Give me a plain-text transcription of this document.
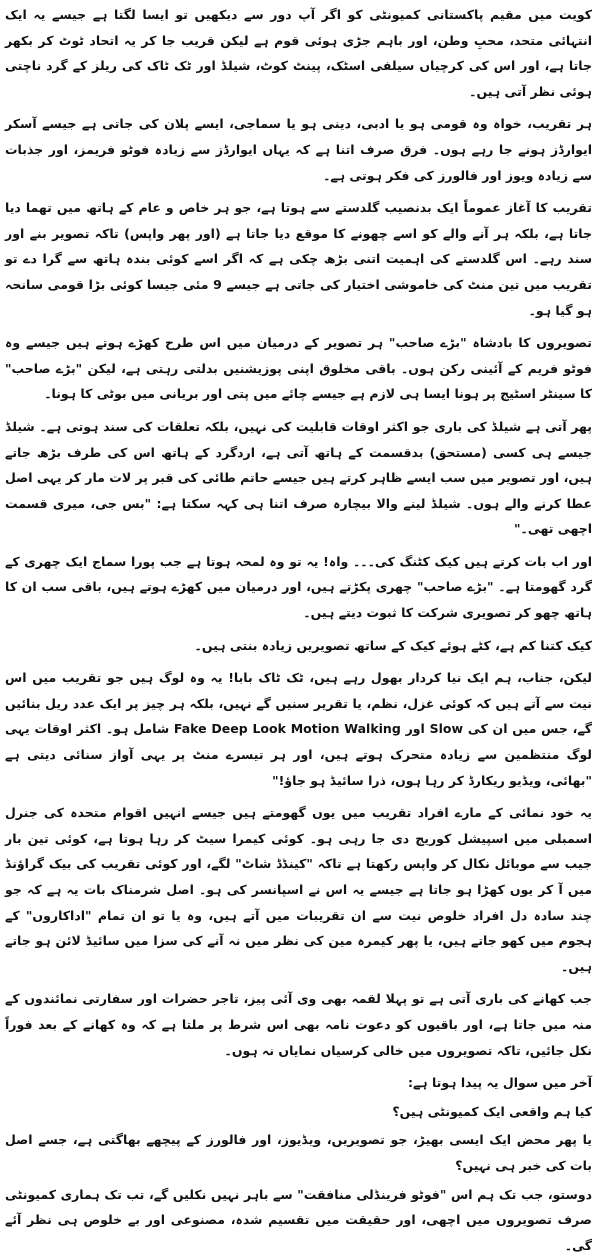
کویت میں مقیم پاکستانی کمیونٹی کو اگر آپ دور سے دیکھیں تو ایسا لگتا ہے جیسے یہ ایک انتہائی متحد، محبِ وطن، اور باہم جڑی ہوئی قوم ہے لیکن قریب جا کر یہ اتحاد ٹوٹ کر بکھر جاتا ہے، اور اس کی کرچیاں سیلفی اسٹک، پینٹ کوٹ، شیلڈ اور ٹک ٹاک کی ریلز کے گرد ناچتی ہوئی نظر آتی ہیں۔

ہر تقریب، خواہ وہ قومی ہو یا ادبی، دینی ہو یا سماجی، ایسے پلان کی جاتی ہے جیسے آسکر ایوارڈز ہونے جا رہے ہوں۔ فرق صرف اتنا ہے کہ یہاں ایوارڈز سے زیادہ فوٹو فریمز، اور جذبات سے زیادہ ویوز اور فالورز کی فکر ہوتی ہے۔

تقریب کا آغاز عموماً ایک بدنصیب گلدستے سے ہوتا ہے، جو ہر خاص و عام کے ہاتھ میں تھما دیا جاتا ہے، بلکہ ہر آنے والے کو اسے چھونے کا موقع دیا جاتا ہے (اور پھر واپس) تاکہ تصویر بنے اور سند رہے۔ اس گلدستے کی اہمیت اتنی بڑھ چکی ہے کہ اگر اسے کوئی بندہ ہاتھ سے گرا دے تو تقریب میں تین منٹ کی خاموشی اختیار کی جاتی ہے جیسے 9 مئی جیسا کوئی بڑا قومی سانحہ ہو گیا ہو۔

تصویروں کا بادشاہ "بڑے صاحب" ہر تصویر کے درمیان میں اس طرح کھڑے ہوتے ہیں جیسے وہ فوٹو فریم کے آئینی رکن ہوں۔ باقی مخلوق اپنی پوزیشنیں بدلتی رہتی ہے، لیکن "بڑے صاحب" کا سینٹر اسٹیج پر ہونا ایسا ہی لازم ہے جیسے چائے میں پتی اور بریانی میں بوٹی کا ہونا۔

پھر آتی ہے شیلڈ کی باری جو اکثر اوقات قابلیت کی نہیں، بلکہ تعلقات کی سند ہوتی ہے۔ شیلڈ جیسے ہی کسی (مستحق) بدقسمت کے ہاتھ آتی ہے، اردگرد کے ہاتھ اس کی طرف بڑھ جاتے ہیں، اور تصویر میں سب ایسے ظاہر کرتے ہیں جیسے حاتم طائی کی قبر پر لات مار کر یہی اصل عطا کرنے والے ہوں۔ شیلڈ لینے والا بیچارہ صرف اتنا ہی کہہ سکتا ہے: "بس جی، میری قسمت اچھی تھی۔"

اور اب بات کرتے ہیں کیک کٹنگ کی۔۔۔ واہ! یہ تو وہ لمحہ ہوتا ہے جب پورا سماج ایک چھری کے گرد گھومتا ہے۔ "بڑے صاحب" چھری پکڑتے ہیں، اور درمیان میں کھڑے ہوتے ہیں، باقی سب ان کا ہاتھ چھو کر تصویری شرکت کا ثبوت دیتے ہیں۔

کیک کتنا کم ہے، کٹے ہوئے کیک کے ساتھ تصویریں زیادہ بنتی ہیں۔

لیکن، جناب، ہم ایک نیا کردار بھول رہے ہیں، ٹک ٹاک بابا! یہ وہ لوگ ہیں جو تقریب میں اس نیت سے آتے ہیں کہ کوئی غزل، نظم، یا تقریر سنیں گے نہیں، بلکہ ہر چیز پر ایک عدد ریل بنائیں گے، جس میں ان کی Slow اور Fake Deep Look Motion Walking شامل ہو۔ اکثر اوقات یہی لوگ منتظمین سے زیادہ متحرک ہوتے ہیں، اور ہر تیسرے منٹ پر یہی آواز سنائی دیتی ہے "بھائی، ویڈیو ریکارڈ کر رہا ہوں، ذرا سائیڈ ہو جاؤ!"

یہ خود نمائی کے مارے افراد تقریب میں یوں گھومتے ہیں جیسے انہیں اقوام متحدہ کی جنرل اسمبلی میں اسپیشل کوریج دی جا رہی ہو۔ کوئی کیمرا سیٹ کر رہا ہوتا ہے، کوئی تین بار جیب سے موبائل نکال کر واپس رکھتا ہے تاکہ "کینڈڈ شاٹ" لگے، اور کوئی تقریب کی بیک گراؤنڈ میں آ کر یوں کھڑا ہو جاتا ہے جیسے یہ اس نے اسپانسر کی ہو۔ اصل شرمناک بات یہ ہے کہ جو چند سادہ دل افراد خلوص نیت سے ان تقریبات میں آتے ہیں، وہ یا تو ان تمام "اداکاروں" کے ہجوم میں کھو جاتے ہیں، یا پھر کیمرہ مین کی نظر میں نہ آنے کی سزا میں سائیڈ لائن ہو جاتے ہیں۔

جب کھانے کی باری آتی ہے تو پہلا لقمہ بھی وی آئی پیز، تاجر حضرات اور سفارتی نمائندوں کے منہ میں جاتا ہے، اور باقیوں کو دعوت نامہ بھی اس شرط پر ملتا ہے کہ وہ کھانے کے بعد فوراً نکل جائیں، تاکہ تصویروں میں خالی کرسیاں نمایاں نہ ہوں۔

آخر میں سوال یہ پیدا ہوتا ہے:

کیا ہم واقعی ایک کمیونٹی ہیں؟

یا پھر محض ایک ایسی بھیڑ، جو تصویریں، ویڈیوز، اور فالورز کے پیچھے بھاگتی ہے، جسے اصل بات کی خبر ہی نہیں؟

دوستو، جب تک ہم اس "فوٹو فرینڈلی منافقت" سے باہر نہیں نکلیں گے، تب تک ہماری کمیونٹی صرف تصویروں میں اچھی، اور حقیقت میں تقسیم شدہ، مصنوعی اور بے خلوص ہی نظر آئے گی۔
